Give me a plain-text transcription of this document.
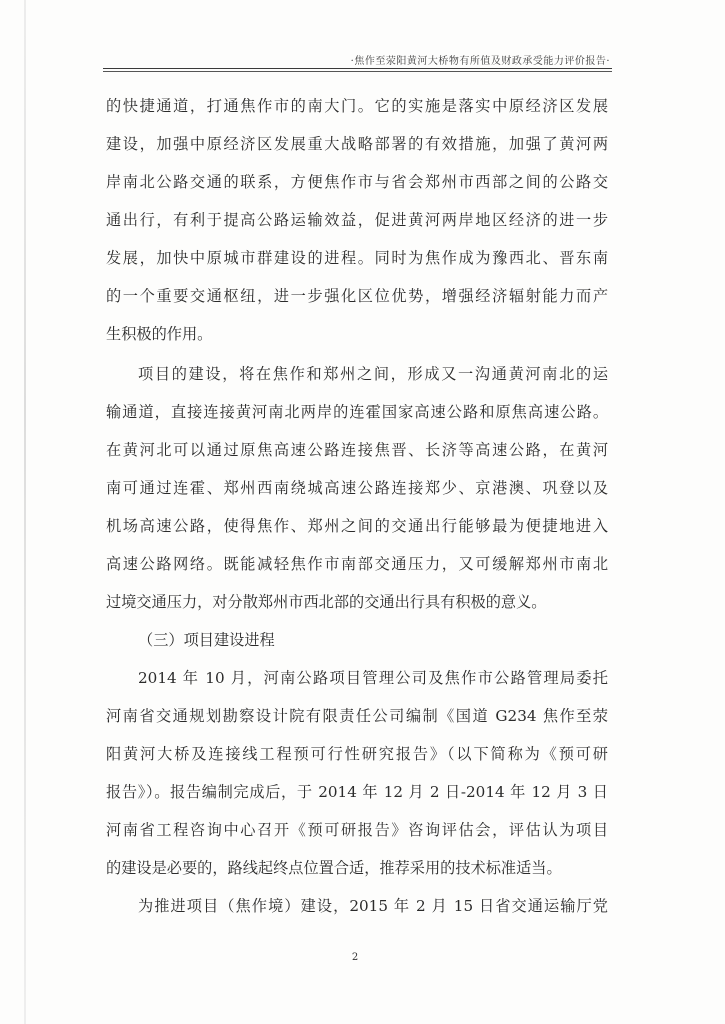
·焦作至荥阳黄河大桥物有所值及财政承受能力评价报告·
的快捷通道，打通焦作市的南大门。它的实施是落实中原经济区发展
建设，加强中原经济区发展重大战略部署的有效措施，加强了黄河两
岸南北公路交通的联系，方便焦作市与省会郑州市西部之间的公路交
通出行，有利于提高公路运输效益，促进黄河两岸地区经济的进一步
发展，加快中原城市群建设的进程。同时为焦作成为豫西北、晋东南
的一个重要交通枢纽，进一步强化区位优势，增强经济辐射能力而产
生积极的作用。
项目的建设，将在焦作和郑州之间，形成又一沟通黄河南北的运
输通道，直接连接黄河南北两岸的连霍国家高速公路和原焦高速公路。
在黄河北可以通过原焦高速公路连接焦晋、长济等高速公路，在黄河
南可通过连霍、郑州西南绕城高速公路连接郑少、京港澳、巩登以及
机场高速公路，使得焦作、郑州之间的交通出行能够最为便捷地进入
高速公路网络。既能减轻焦作市南部交通压力，又可缓解郑州市南北
过境交通压力，对分散郑州市西北部的交通出行具有积极的意义。
（三）项目建设进程
2014 年 10 月，河南公路项目管理公司及焦作市公路管理局委托
河南省交通规划勘察设计院有限责任公司编制《国道 G234 焦作至荥
阳黄河大桥及连接线工程预可行性研究报告》（以下简称为《预可研
报告》）。报告编制完成后，于 2014 年 12 月 2 日-2014 年 12 月 3 日
河南省工程咨询中心召开《预可研报告》咨询评估会，评估认为项目
的建设是必要的，路线起终点位置合适，推荐采用的技术标准适当。
为推进项目（焦作境）建设，2015 年 2 月 15 日省交通运输厅党
2
